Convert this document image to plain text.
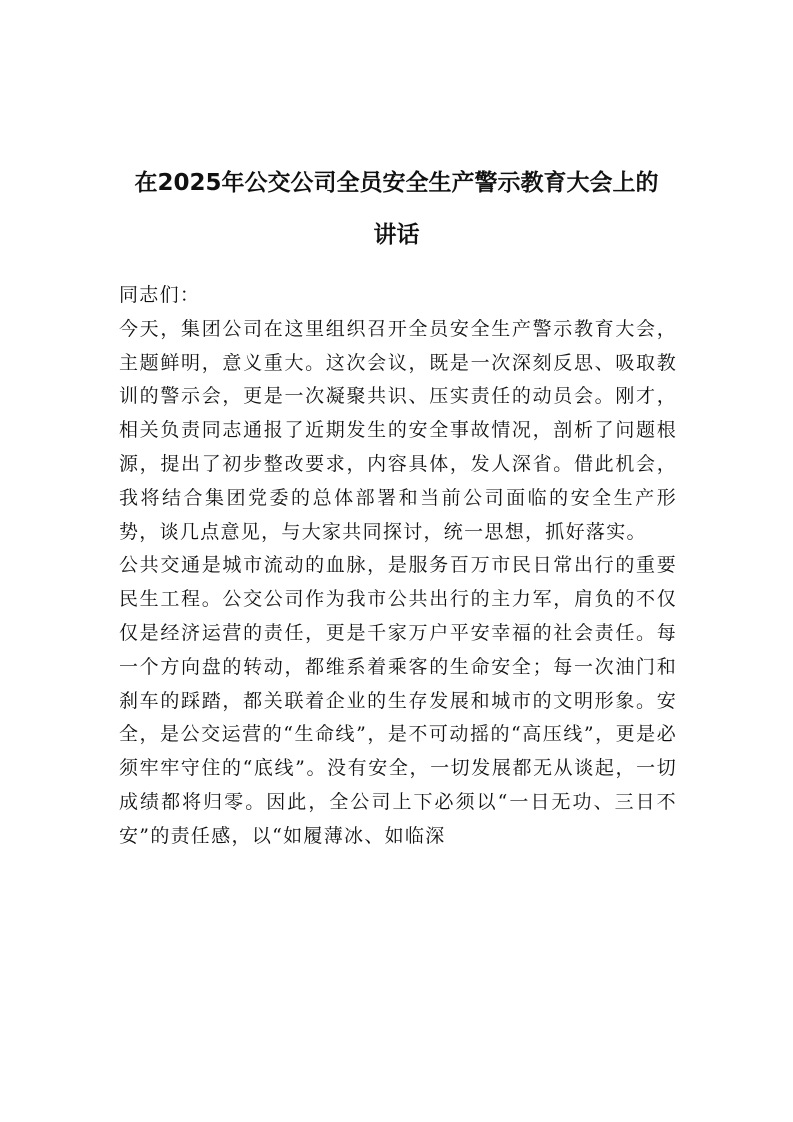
在2025年公交公司全员安全生产警示教育大会上的
讲话

同志们：

今天，集团公司在这里组织召开全员安全生产警示教育大会，主题鲜明，意义重大。这次会议，既是一次深刻反思、吸取教训的警示会，更是一次凝聚共识、压实责任的动员会。刚才，相关负责同志通报了近期发生的安全事故情况，剖析了问题根源，提出了初步整改要求，内容具体，发人深省。借此机会，我将结合集团党委的总体部署和当前公司面临的安全生产形势，谈几点意见，与大家共同探讨，统一思想，抓好落实。

公共交通是城市流动的血脉，是服务百万市民日常出行的重要民生工程。公交公司作为我市公共出行的主力军，肩负的不仅仅是经济运营的责任，更是千家万户平安幸福的社会责任。每一个方向盘的转动，都维系着乘客的生命安全；每一次油门和刹车的踩踏，都关联着企业的生存发展和城市的文明形象。安全，是公交运营的“生命线”，是不可动摇的“高压线”，更是必须牢牢守住的“底线”。没有安全，一切发展都无从谈起，一切成绩都将归零。因此，全公司上下必须以“一日无功、三日不安”的责任感，以“如履薄冰、如临深
